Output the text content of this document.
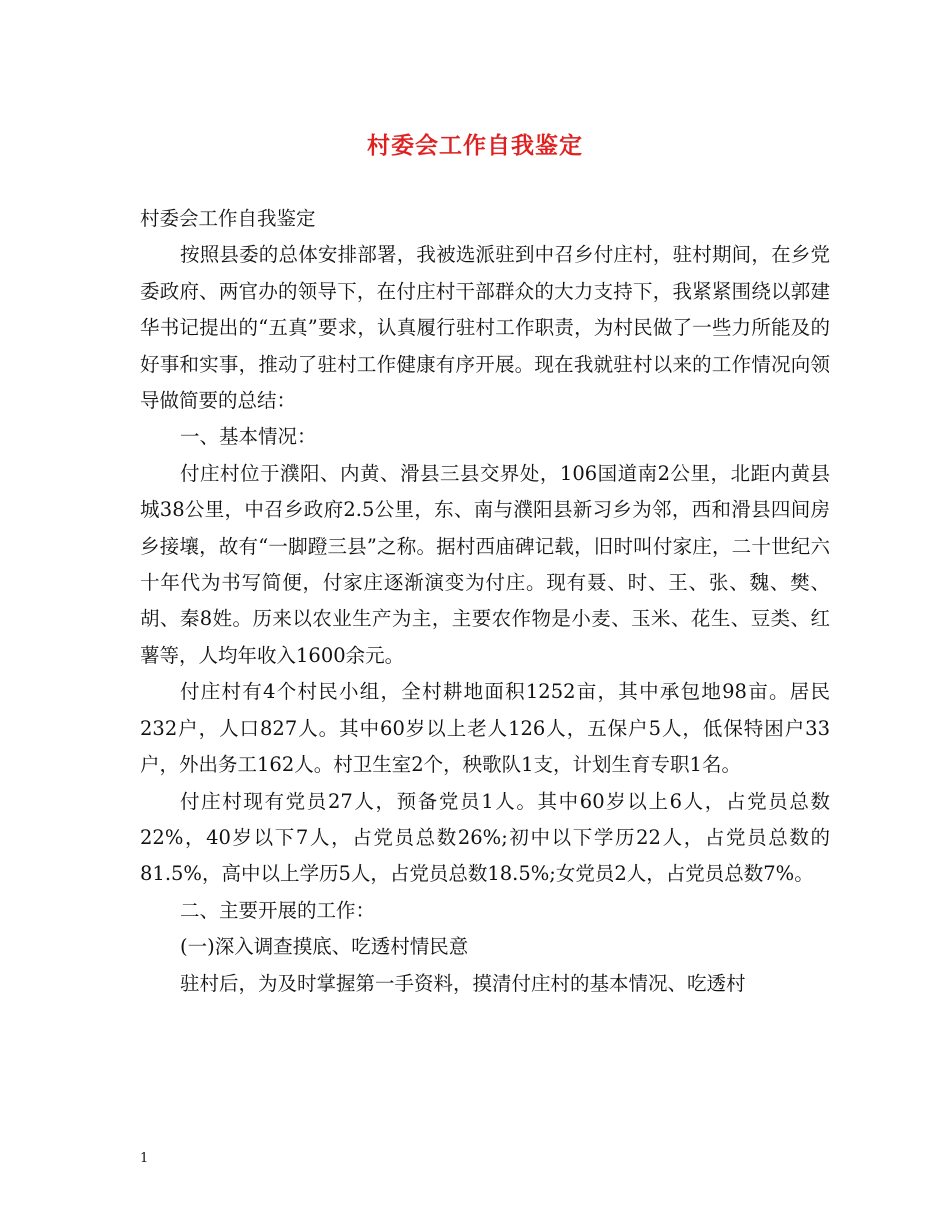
村委会工作自我鉴定

村委会工作自我鉴定

按照县委的总体安排部署，我被选派驻到中召乡付庄村，驻村期间，在乡党委政府、两官办的领导下，在付庄村干部群众的大力支持下，我紧紧围绕以郭建华书记提出的“五真”要求，认真履行驻村工作职责，为村民做了一些力所能及的好事和实事，推动了驻村工作健康有序开展。现在我就驻村以来的工作情况向领导做简要的总结：

一、基本情况：

付庄村位于濮阳、内黄、滑县三县交界处，106国道南2公里，北距内黄县城38公里，中召乡政府2.5公里，东、南与濮阳县新习乡为邻，西和滑县四间房乡接壤，故有“一脚蹬三县”之称。据村西庙碑记载，旧时叫付家庄，二十世纪六十年代为书写简便，付家庄逐渐演变为付庄。现有聂、时、王、张、魏、樊、胡、秦8姓。历来以农业生产为主，主要农作物是小麦、玉米、花生、豆类、红薯等，人均年收入1600余元。

付庄村有4个村民小组，全村耕地面积1252亩，其中承包地98亩。居民232户，人口827人。其中60岁以上老人126人，五保户5人，低保特困户33户，外出务工162人。村卫生室2个，秧歌队1支，计划生育专职1名。

付庄村现有党员27人，预备党员1人。其中60岁以上6人，占党员总数22%，40岁以下7人，占党员总数26%;初中以下学历22人，占党员总数的81.5%，高中以上学历5人，占党员总数18.5%;女党员2人，占党员总数7%。

二、主要开展的工作：

(一)深入调查摸底、吃透村情民意

驻村后，为及时掌握第一手资料，摸清付庄村的基本情况、吃透村

1
